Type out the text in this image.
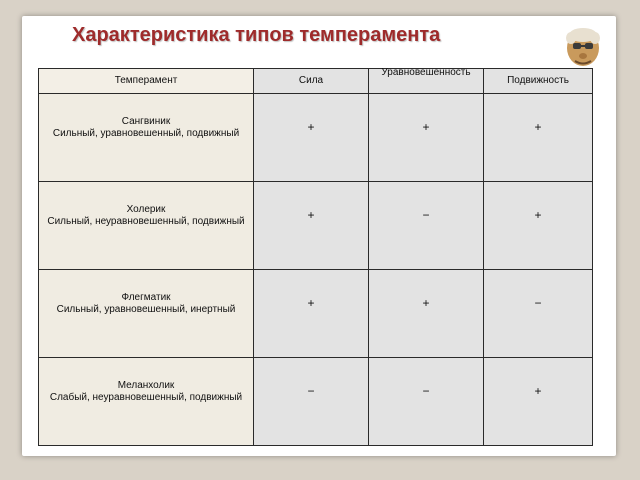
Характеристика типов темперамента
Темперамент	Сила	Уравновешенность	Подвижность

Сангвиник
Сильный, уравновешенный, подвижный	+	+	+

Холерик
Сильный, неуравновешенный, подвижный	+	−	+

Флегматик
Сильный, уравновешенный, инертный	+	+	−

Меланхолик
Слабый, неуравновешенный, подвижный	−	−	+
